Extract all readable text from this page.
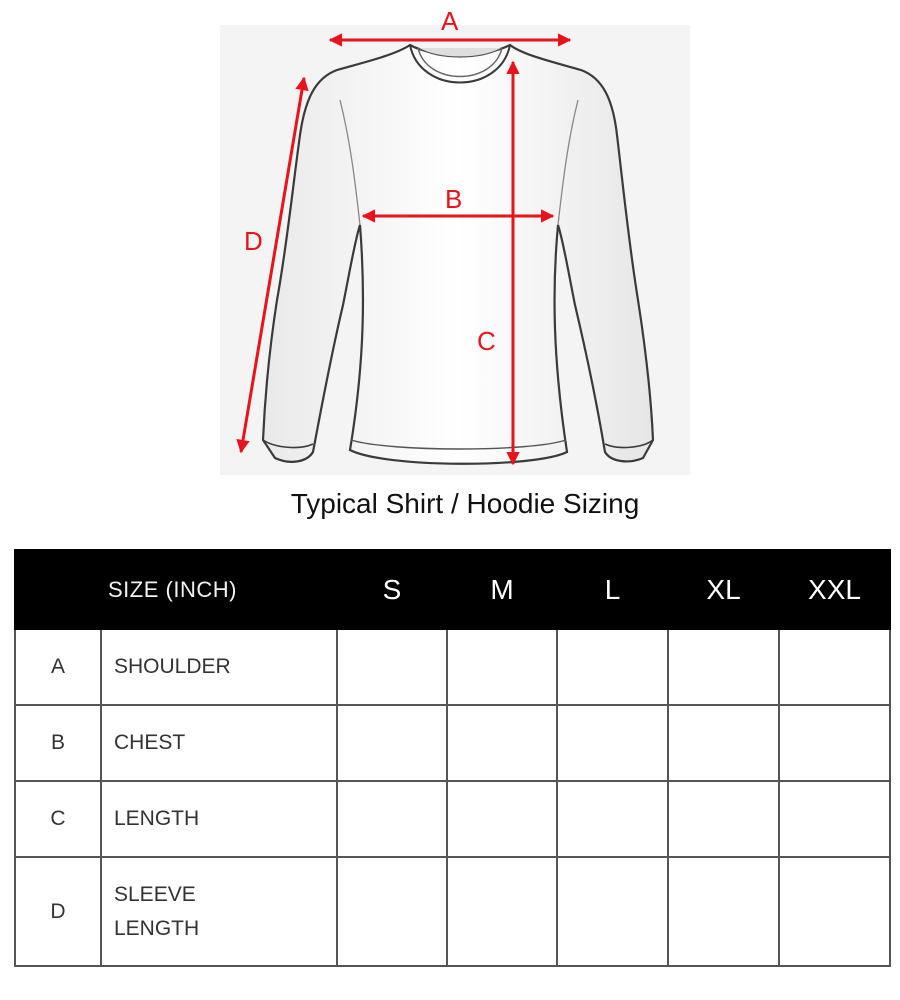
A
B
C
D
Typical Shirt / Hoodie Sizing
SIZE (INCH)		S	M	L	XL	XXL
A	SHOULDER					
B	CHEST					
C	LENGTH					
D	SLEEVE
LENGTH					
